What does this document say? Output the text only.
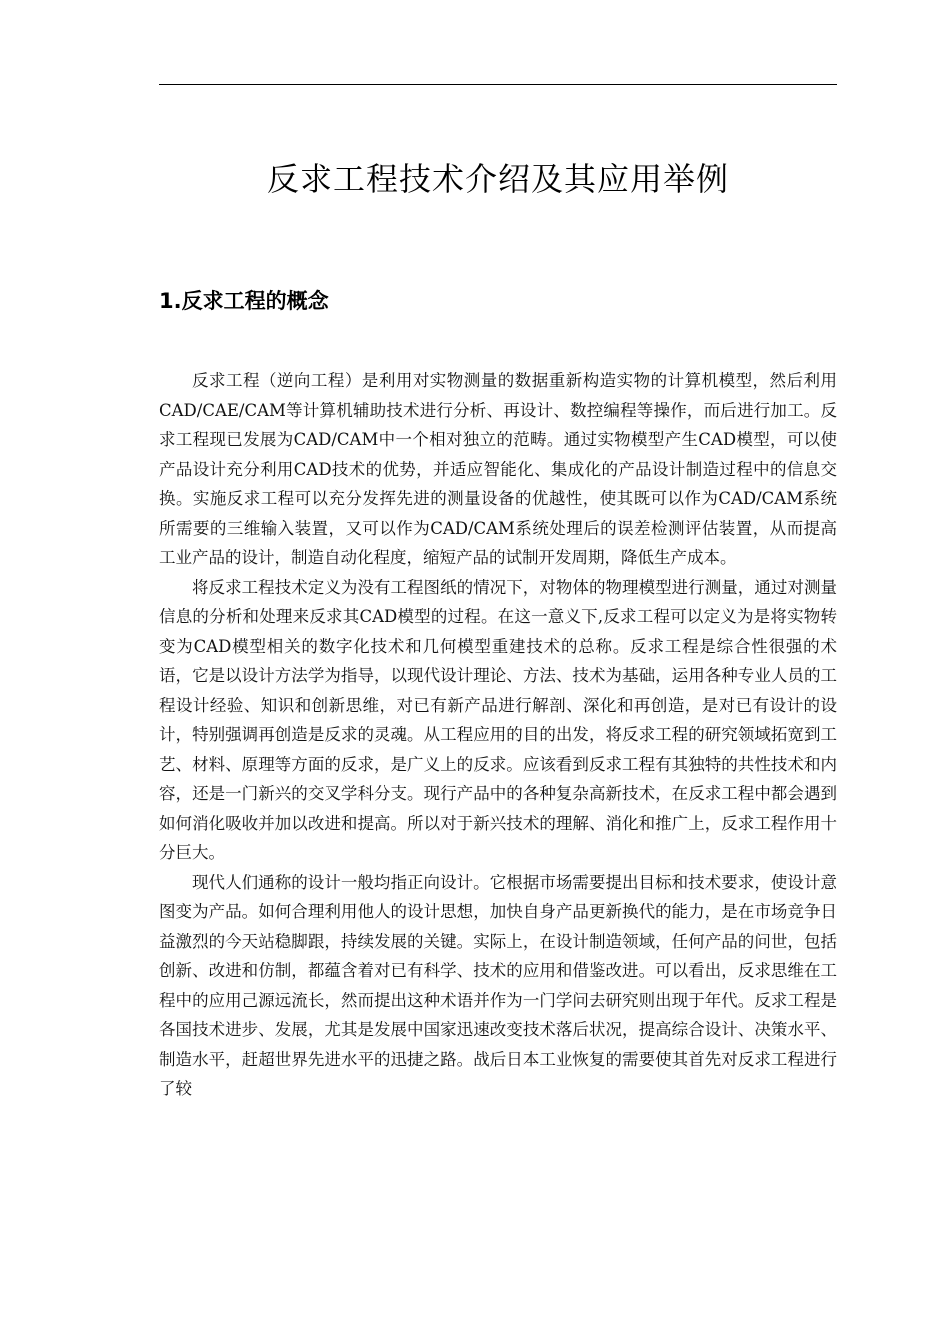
反求工程技术介绍及其应用举例
1.反求工程的概念

反求工程（逆向工程）是利用对实物测量的数据重新构造实物的计算机模型，然后利用CAD/CAE/CAM等计算机辅助技术进行分析、再设计、数控编程等操作，而后进行加工。反求工程现已发展为CAD/CAM中一个相对独立的范畴。通过实物模型产生CAD模型，可以使产品设计充分利用CAD技术的优势，并适应智能化、集成化的产品设计制造过程中的信息交换。实施反求工程可以充分发挥先进的测量设备的优越性，使其既可以作为CAD/CAM系统所需要的三维输入装置，又可以作为CAD/CAM系统处理后的误差检测评估装置，从而提高工业产品的设计，制造自动化程度，缩短产品的试制开发周期，降低生产成本。

将反求工程技术定义为没有工程图纸的情况下，对物体的物理模型进行测量，通过对测量信息的分析和处理来反求其CAD模型的过程。在这一意义下,反求工程可以定义为是将实物转变为CAD模型相关的数字化技术和几何模型重建技术的总称。反求工程是综合性很强的术语，它是以设计方法学为指导，以现代设计理论、方法、技术为基础，运用各种专业人员的工程设计经验、知识和创新思维，对已有新产品进行解剖、深化和再创造，是对已有设计的设计，特别强调再创造是反求的灵魂。从工程应用的目的出发，将反求工程的研究领域拓宽到工艺、材料、原理等方面的反求，是广义上的反求。应该看到反求工程有其独特的共性技术和内容，还是一门新兴的交叉学科分支。现行产品中的各种复杂高新技术，在反求工程中都会遇到如何消化吸收并加以改进和提高。所以对于新兴技术的理解、消化和推广上，反求工程作用十分巨大。

现代人们通称的设计一般均指正向设计。它根据市场需要提出目标和技术要求，使设计意图变为产品。如何合理利用他人的设计思想，加快自身产品更新换代的能力，是在市场竞争日益激烈的今天站稳脚跟，持续发展的关键。实际上，在设计制造领域，任何产品的问世，包括创新、改进和仿制，都蕴含着对已有科学、技术的应用和借鉴改进。可以看出，反求思维在工程中的应用己源远流长，然而提出这种术语并作为一门学问去研究则出现于年代。反求工程是各国技术进步、发展，尤其是发展中国家迅速改变技术落后状况，提高综合设计、决策水平、制造水平，赶超世界先进水平的迅捷之路。战后日本工业恢复的需要使其首先对反求工程进行了较
